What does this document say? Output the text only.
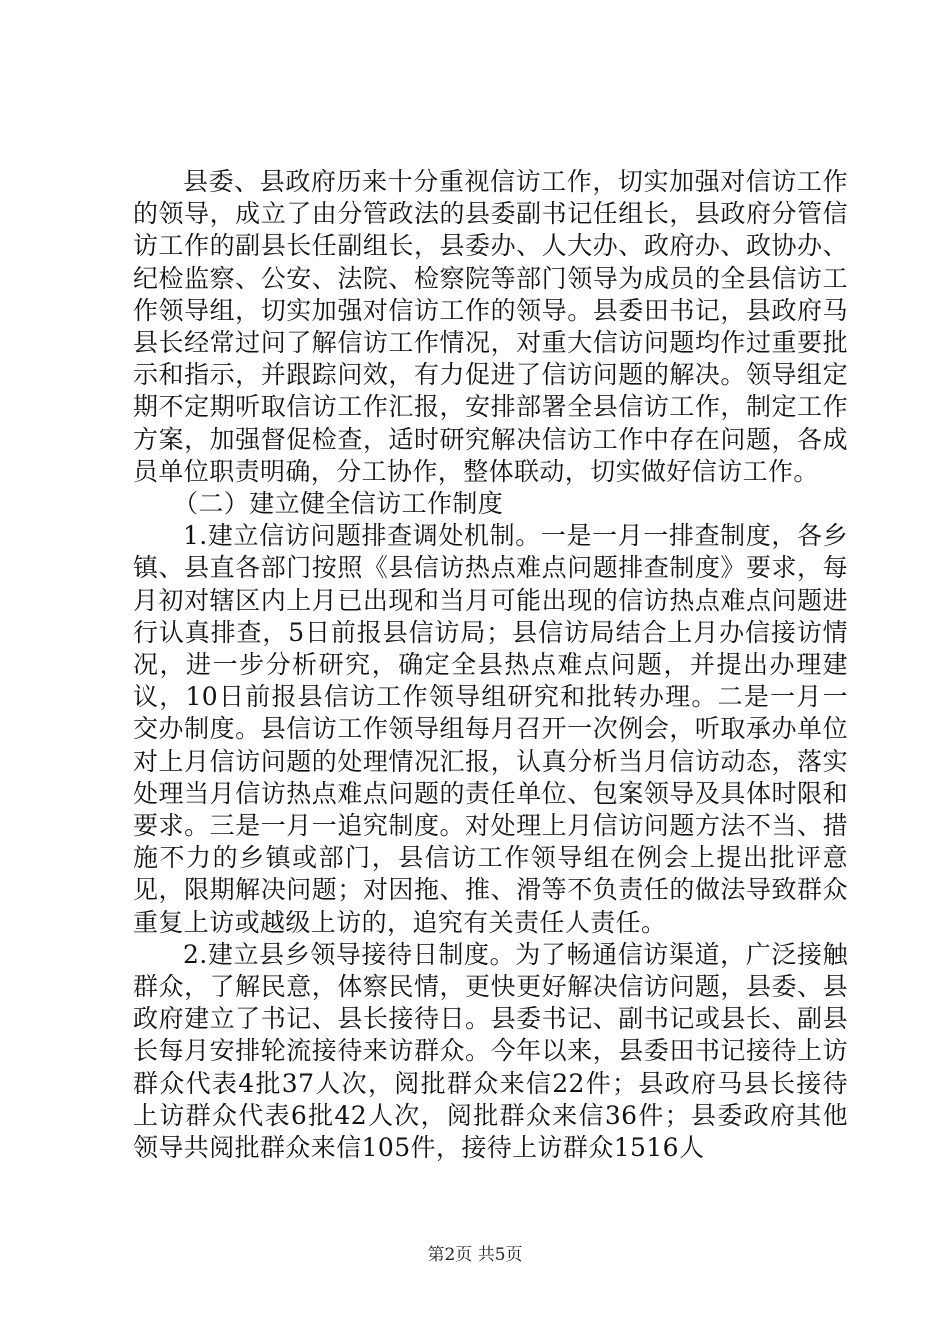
县委、县政府历来十分重视信访工作，切实加强对信访工作的领导，成立了由分管政法的县委副书记任组长，县政府分管信访工作的副县长任副组长，县委办、人大办、政府办、政协办、纪检监察、公安、法院、检察院等部门领导为成员的全县信访工作领导组，切实加强对信访工作的领导。县委田书记，县政府马县长经常过问了解信访工作情况，对重大信访问题均作过重要批示和指示，并跟踪问效，有力促进了信访问题的解决。领导组定期不定期听取信访工作汇报，安排部署全县信访工作，制定工作方案，加强督促检查，适时研究解决信访工作中存在问题，各成员单位职责明确，分工协作，整体联动，切实做好信访工作。

（二）建立健全信访工作制度

1.建立信访问题排查调处机制。一是一月一排查制度，各乡镇、县直各部门按照《县信访热点难点问题排查制度》要求，每月初对辖区内上月已出现和当月可能出现的信访热点难点问题进行认真排查，5日前报县信访局；县信访局结合上月办信接访情况，进一步分析研究，确定全县热点难点问题，并提出办理建议，10日前报县信访工作领导组研究和批转办理。二是一月一交办制度。县信访工作领导组每月召开一次例会，听取承办单位对上月信访问题的处理情况汇报，认真分析当月信访动态，落实处理当月信访热点难点问题的责任单位、包案领导及具体时限和要求。三是一月一追究制度。对处理上月信访问题方法不当、措施不力的乡镇或部门，县信访工作领导组在例会上提出批评意见，限期解决问题；对因拖、推、滑等不负责任的做法导致群众重复上访或越级上访的，追究有关责任人责任。

2.建立县乡领导接待日制度。为了畅通信访渠道，广泛接触群众，了解民意，体察民情，更快更好解决信访问题，县委、县政府建立了书记、县长接待日。县委书记、副书记或县长、副县长每月安排轮流接待来访群众。今年以来，县委田书记接待上访群众代表4批37人次，阅批群众来信22件；县政府马县长接待上访群众代表6批42人次，阅批群众来信36件；县委政府其他领导共阅批群众来信105件，接待上访群众1516人

第2页 共5页
